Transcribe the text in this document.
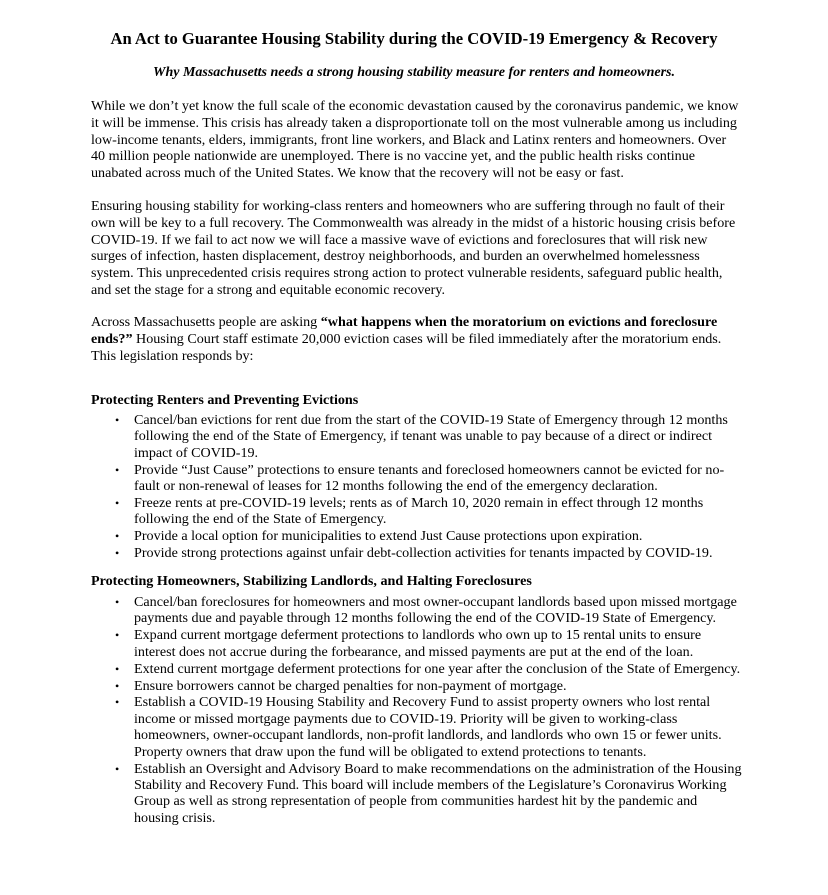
An Act to Guarantee Housing Stability during the COVID-19 Emergency & Recovery
Why Massachusetts needs a strong housing stability measure for renters and homeowners.

While we don’t yet know the full scale of the economic devastation caused by the coronavirus pandemic, we know it will be immense. This crisis has already taken a disproportionate toll on the most vulnerable among us including low-income tenants, elders, immigrants, front line workers, and Black and Latinx renters and homeowners. Over 40 million people nationwide are unemployed. There is no vaccine yet, and the public health risks continue unabated across much of the United States. We know that the recovery will not be easy or fast.

Ensuring housing stability for working-class renters and homeowners who are suffering through no fault of their own will be key to a full recovery. The Commonwealth was already in the midst of a historic housing crisis before COVID-19. If we fail to act now we will face a massive wave of evictions and foreclosures that will risk new surges of infection, hasten displacement, destroy neighborhoods, and burden an overwhelmed homelessness system. This unprecedented crisis requires strong action to protect vulnerable residents, safeguard public health, and set the stage for a strong and equitable economic recovery.

Across Massachusetts people are asking “what happens when the moratorium on evictions and foreclosure ends?” Housing Court staff estimate 20,000 eviction cases will be filed immediately after the moratorium ends. This legislation responds by:

Protecting Renters and Preventing Evictions
• Cancel/ban evictions for rent due from the start of the COVID-19 State of Emergency through 12 months following the end of the State of Emergency, if tenant was unable to pay because of a direct or indirect impact of COVID-19.
• Provide “Just Cause” protections to ensure tenants and foreclosed homeowners cannot be evicted for no-fault or non-renewal of leases for 12 months following the end of the emergency declaration.
• Freeze rents at pre-COVID-19 levels; rents as of March 10, 2020 remain in effect through 12 months following the end of the State of Emergency.
• Provide a local option for municipalities to extend Just Cause protections upon expiration.
• Provide strong protections against unfair debt-collection activities for tenants impacted by COVID-19.
Protecting Homeowners, Stabilizing Landlords, and Halting Foreclosures
• Cancel/ban foreclosures for homeowners and most owner-occupant landlords based upon missed mortgage payments due and payable through 12 months following the end of the COVID-19 State of Emergency.
• Expand current mortgage deferment protections to landlords who own up to 15 rental units to ensure interest does not accrue during the forbearance, and missed payments are put at the end of the loan.
• Extend current mortgage deferment protections for one year after the conclusion of the State of Emergency.
• Ensure borrowers cannot be charged penalties for non-payment of mortgage.
• Establish a COVID-19 Housing Stability and Recovery Fund to assist property owners who lost rental income or missed mortgage payments due to COVID-19. Priority will be given to working-class homeowners, owner-occupant landlords, non-profit landlords, and landlords who own 15 or fewer units. Property owners that draw upon the fund will be obligated to extend protections to tenants.
• Establish an Oversight and Advisory Board to make recommendations on the administration of the Housing Stability and Recovery Fund. This board will include members of the Legislature’s Coronavirus Working Group as well as strong representation of people from communities hardest hit by the pandemic and housing crisis.
